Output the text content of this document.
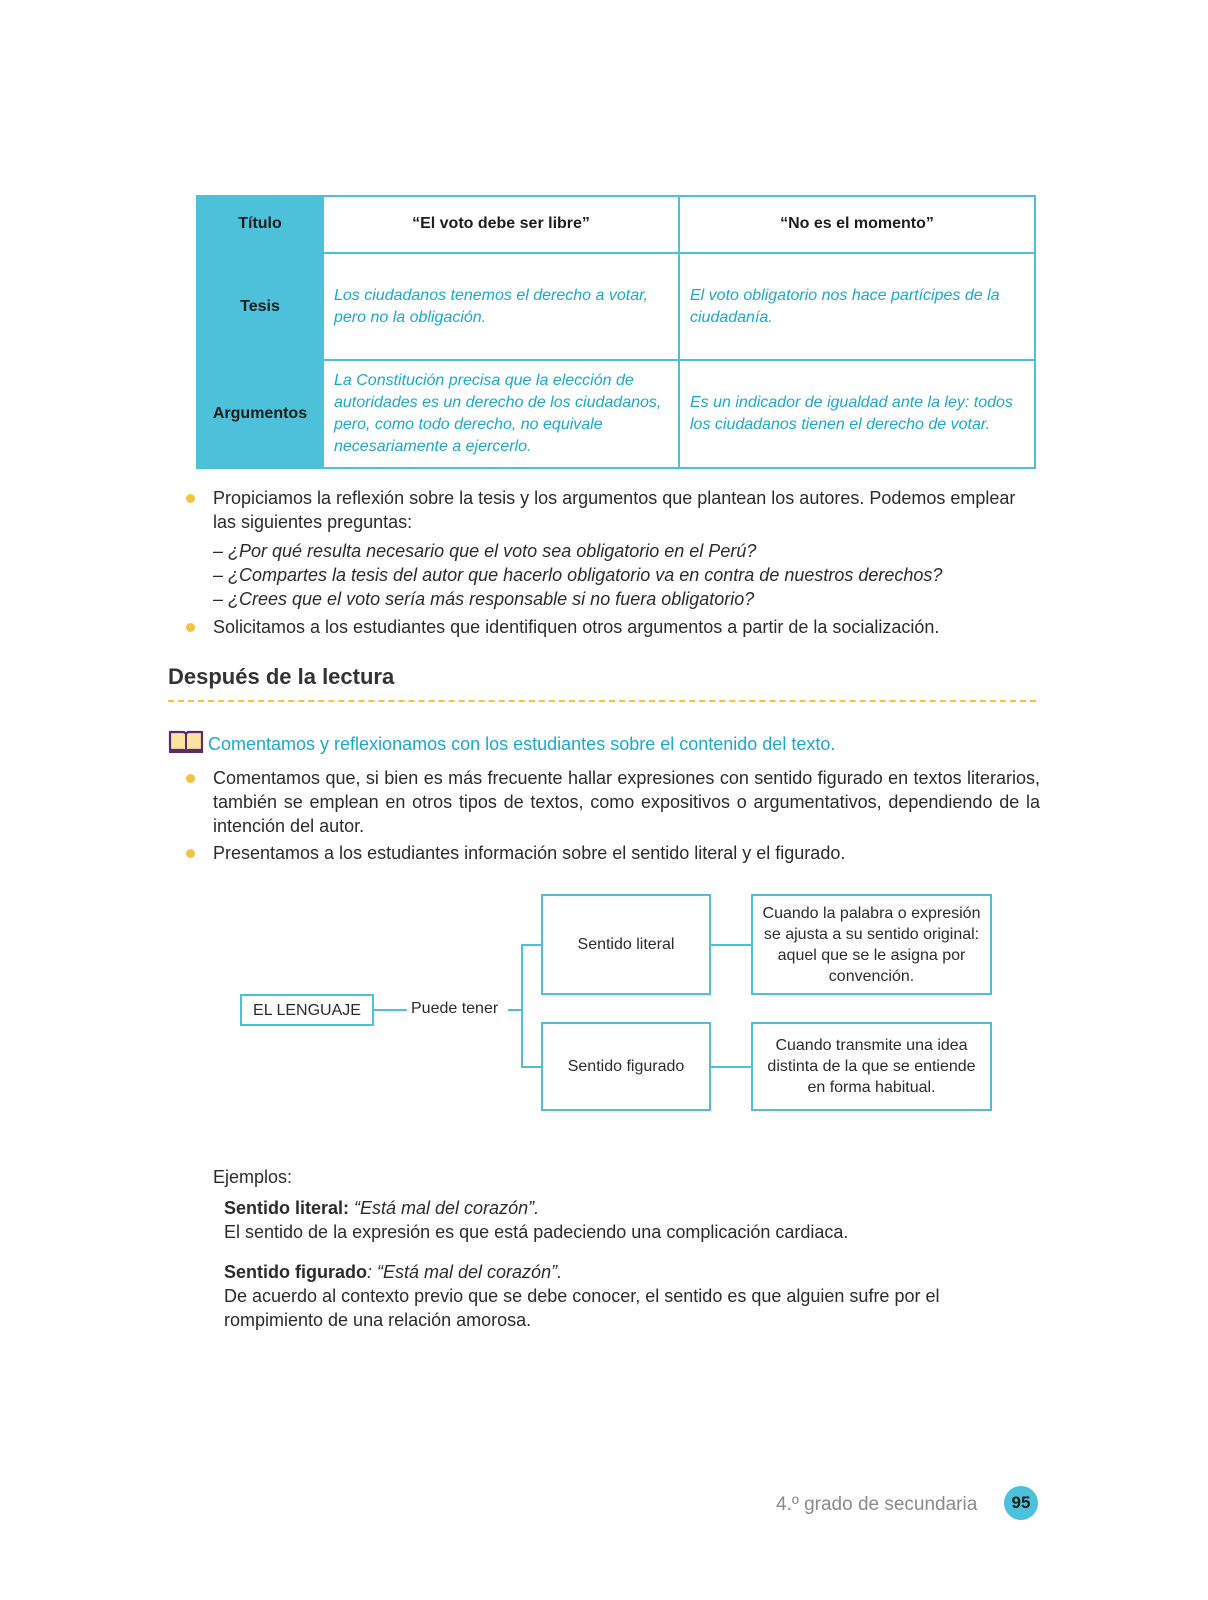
Título	“El voto debe ser libre”	“No es el momento”
Tesis	Los ciudadanos tenemos el derecho a votar, pero no la obligación.	El voto obligatorio nos hace partícipes de la ciudadanía.
Argumentos	La Constitución precisa que la elección de autoridades es un derecho de los ciudadanos, pero, como todo derecho, no equivale necesariamente a ejercerlo.	Es un indicador de igualdad ante la ley: todos los ciudadanos tienen el derecho de votar.
Propiciamos la reflexión sobre la tesis y los argumentos que plantean los autores. Podemos emplear las siguientes preguntas:
– ¿Por qué resulta necesario que el voto sea obligatorio en el Perú?
– ¿Compartes la tesis del autor que hacerlo obligatorio va en contra de nuestros derechos?
– ¿Crees que el voto sería más responsable si no fuera obligatorio?
Solicitamos a los estudiantes que identifiquen otros argumentos a partir de la socialización.
Después de la lectura
Comentamos y reflexionamos con los estudiantes sobre el contenido del texto.
Comentamos que, si bien es más frecuente hallar expresiones con sentido figurado en textos literarios, también se emplean en otros tipos de textos, como expositivos o argumentativos, dependiendo de la intención del autor.
Presentamos a los estudiantes información sobre el sentido literal y el figurado.
EL LENGUAJE	Puede tener
Sentido literal
Cuando la palabra o expresión se ajusta a su sentido original: aquel que se le asigna por convención.
Sentido figurado
Cuando transmite una idea distinta de la que se entiende en forma habitual.
Ejemplos:
Sentido literal: “Está mal del corazón”.
El sentido de la expresión es que está padeciendo una complicación cardiaca.
Sentido figurado: “Está mal del corazón”.
De acuerdo al contexto previo que se debe conocer, el sentido es que alguien sufre por el rompimiento de una relación amorosa.
4.º grado de secundaria	95
